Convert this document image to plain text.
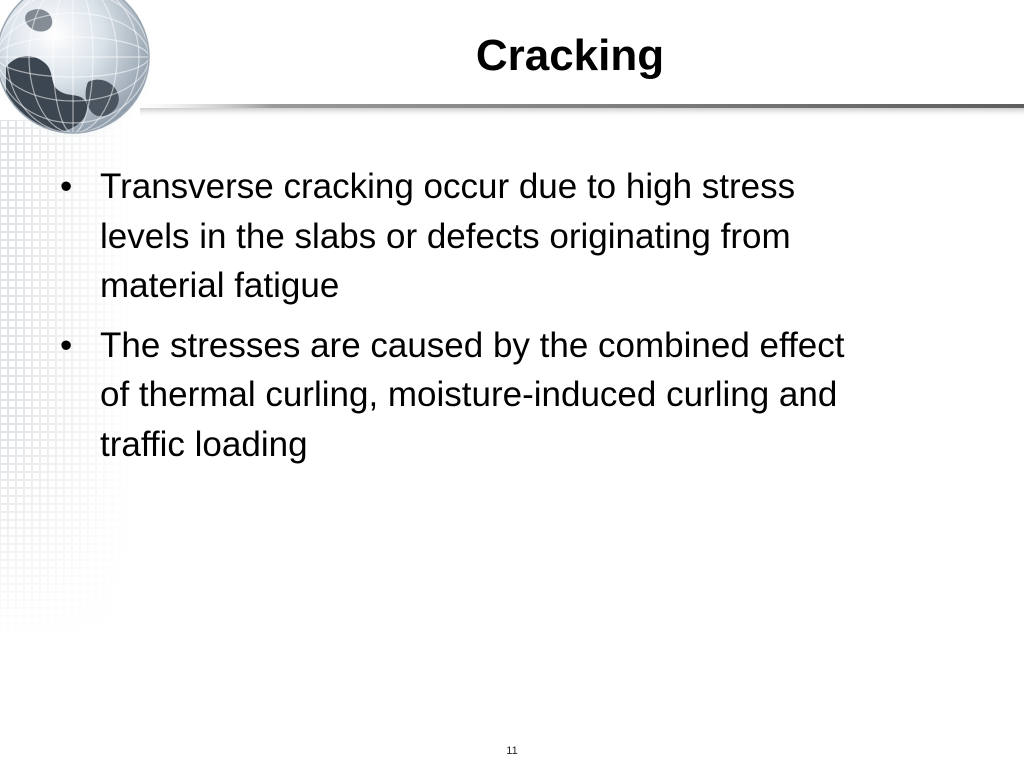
Cracking
• Transverse cracking occur due to high stress levels in the slabs or defects originating from material fatigue
• The stresses are caused by the combined effect of thermal curling, moisture-induced curling and traffic loading
11
